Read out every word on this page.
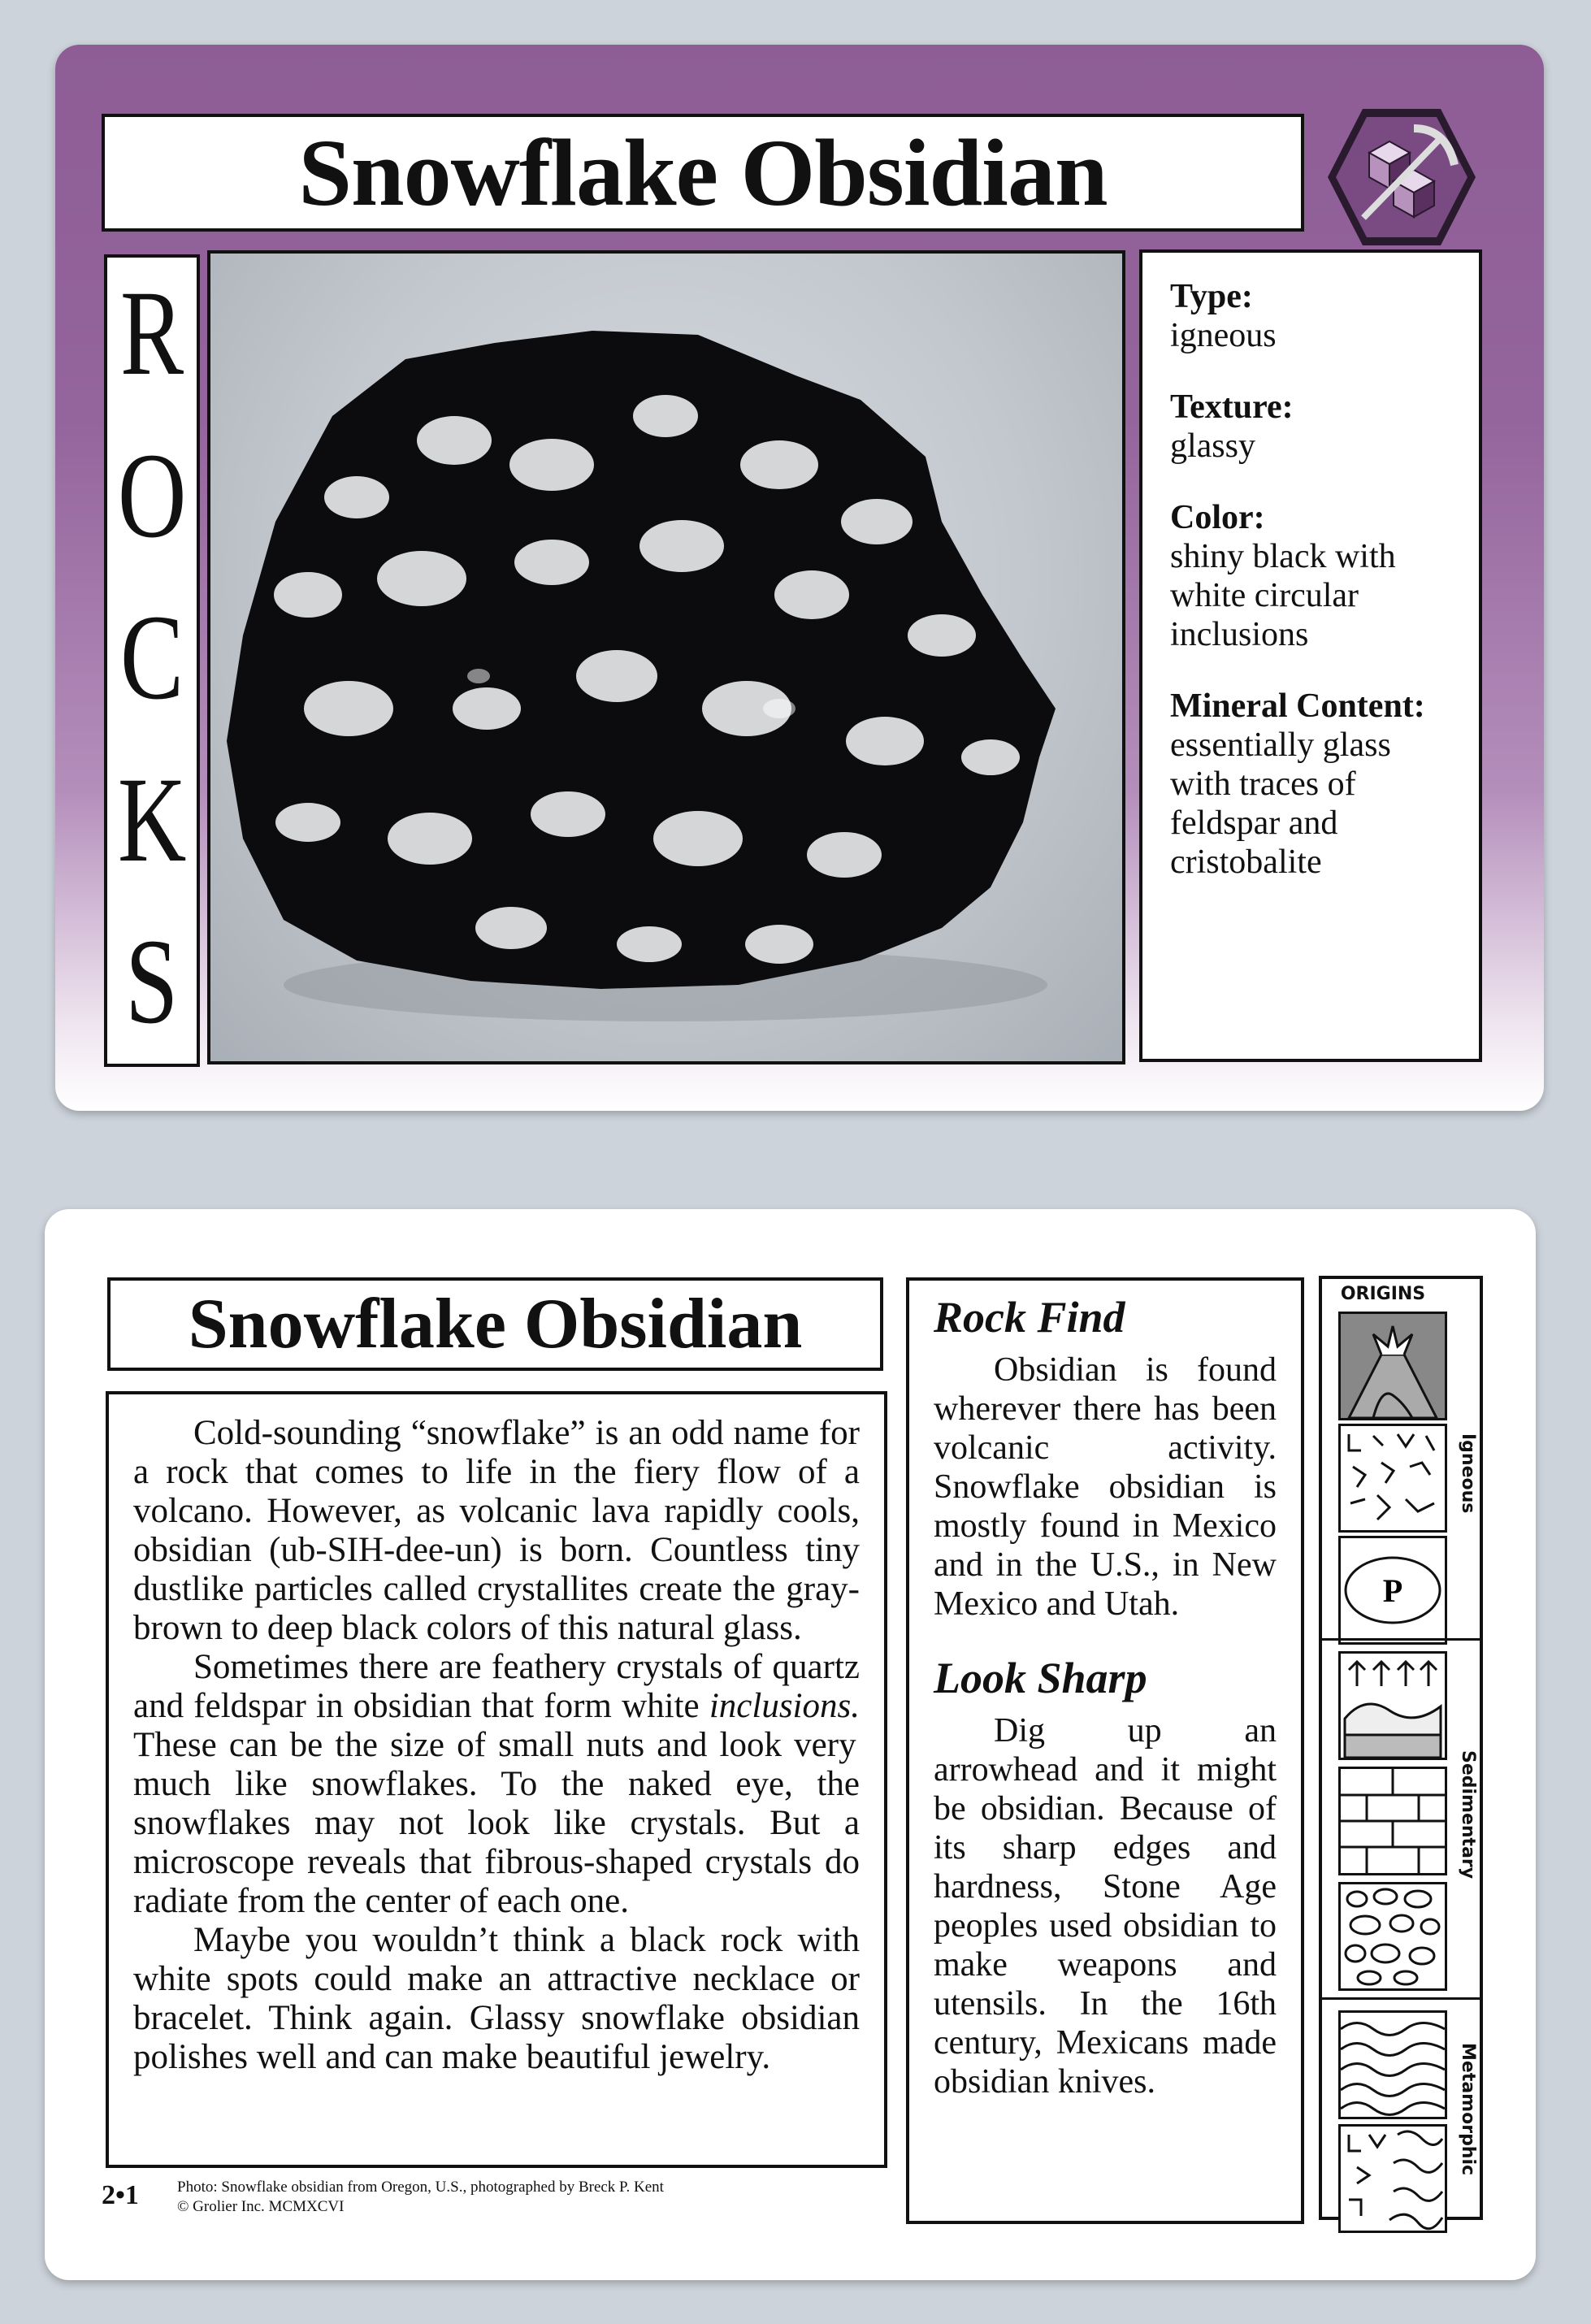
Snowflake Obsidian
R
O
C
K
S
Type:
igneous
Texture:
glassy
Color:
shiny black with white circular inclusions
Mineral Content:
essentially glass with traces of feldspar and cristobalite
Snowflake Obsidian

Cold-sounding “snowflake” is an odd name for a rock that comes to life in the fiery flow of a volcano. However, as volcanic lava rapidly cools, obsidian (ub-SIH-dee-un) is born. Countless tiny dustlike particles called crystallites create the gray-brown to deep black colors of this natural glass.

Sometimes there are feathery crystals of quartz and feldspar in obsidian that form white inclusions. These can be the size of small nuts and look very much like snowflakes. To the naked eye, the snowflakes may not look like crystals. But a microscope reveals that fibrous-shaped crystals do radiate from the center of each one.

Maybe you wouldn’t think a black rock with white spots could make an attractive necklace or bracelet. Think again. Glassy snowflake obsidian polishes well and can make beautiful jewelry.

2•1 Photo: Snowflake obsidian from Oregon, U.S., photographed by Breck P. Kent
© Grolier Inc. MCMXCVI
Rock Find

Obsidian is found wherever there has been volcanic activity. Snowflake obsidian is mostly found in Mexico and in the U.S., in New Mexico and Utah.

Look Sharp

Dig up an arrowhead and it might be obsidian. Because of its sharp edges and hardness, Stone Age peoples used obsidian to make weapons and utensils. In the 16th century, Mexicans made obsidian knives.

ORIGINS
Igneous
P
Sedimentary
Metamorphic
